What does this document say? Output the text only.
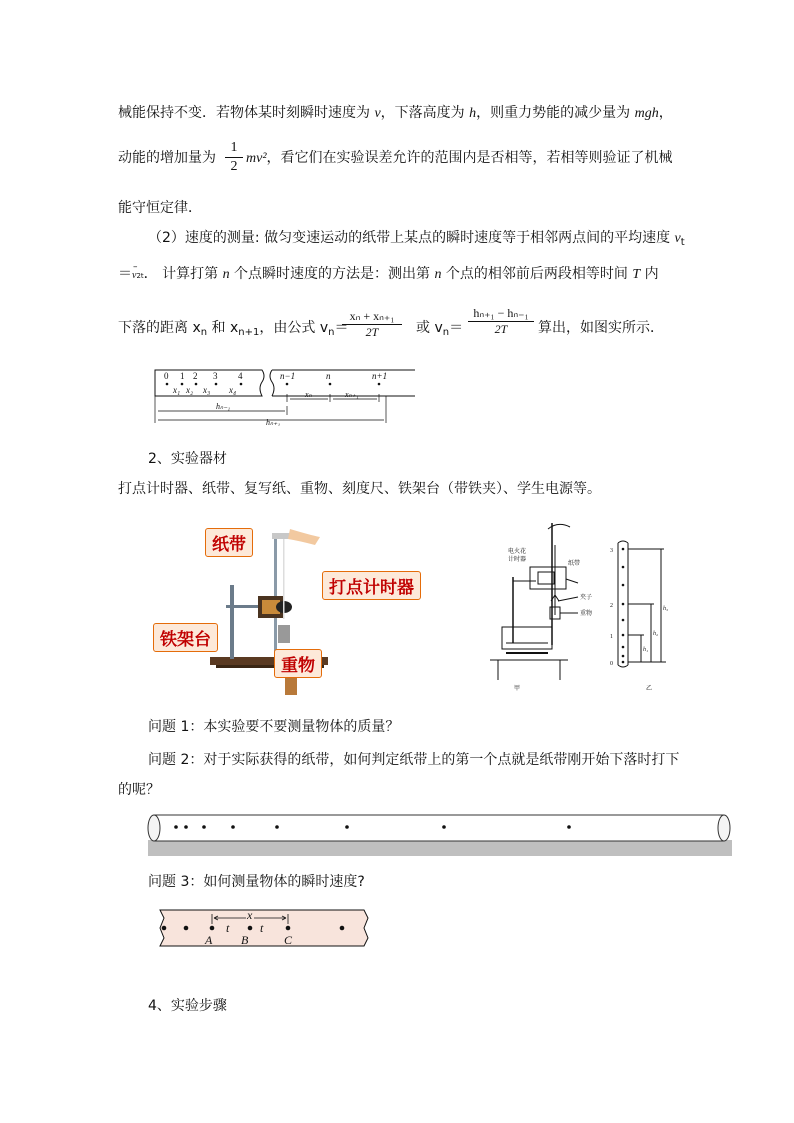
械能保持不变．若物体某时刻瞬时速度为 v，下落高度为 h，则重力势能的减少量为 mgh，
动能的增加量为 mv²，看它们在实验误差允许的范围内是否相等，若相等则验证了机械
$\frac{1}{2}$
能守恒定律．
（2）速度的测量: 做匀变速运动的纸带上某点的瞬时速度等于相邻两点间的平均速度 $v_t$
＝ –
v2t． 计算打第 n 个点瞬时速度的方法是：测出第 n 个点的相邻前后两段相等时间 T 内
下落的距离 $x_n$ 和 $x_{n+1}$，由公式 $v_n=$
$\frac{\text{xₙ + xₙ₊₁}}{2T}$ 或 $v_n= \frac{\text{hₙ₊₁ − hₙ₋₁}}{2T}$ 算出，如图实所示．
0 1 2 3 4
x₁ x₂ x₃ x₄
n−1	n	n+1
xₙ	xₙ₊₁
hₙ₋₁
hₙ₊₁
2、实验器材
打点计时器、纸带、复写纸、重物、刻度尺、铁架台（带铁夹）、学生电源等。
纸带
打点计时器
铁架台
重物
电火花
计时器
纸带
夹子
重物
甲	乙
3
2
1
0
h₃
h₂
h₁
问题 1：本实验要不要测量物体的质量？
问题 2：对于实际获得的纸带，如何判定纸带上的第一个点就是纸带刚开始下落时打下
的呢？
问题 3：如何测量物体的瞬时速度?
x
t	t
A B	C
4、实验步骤
